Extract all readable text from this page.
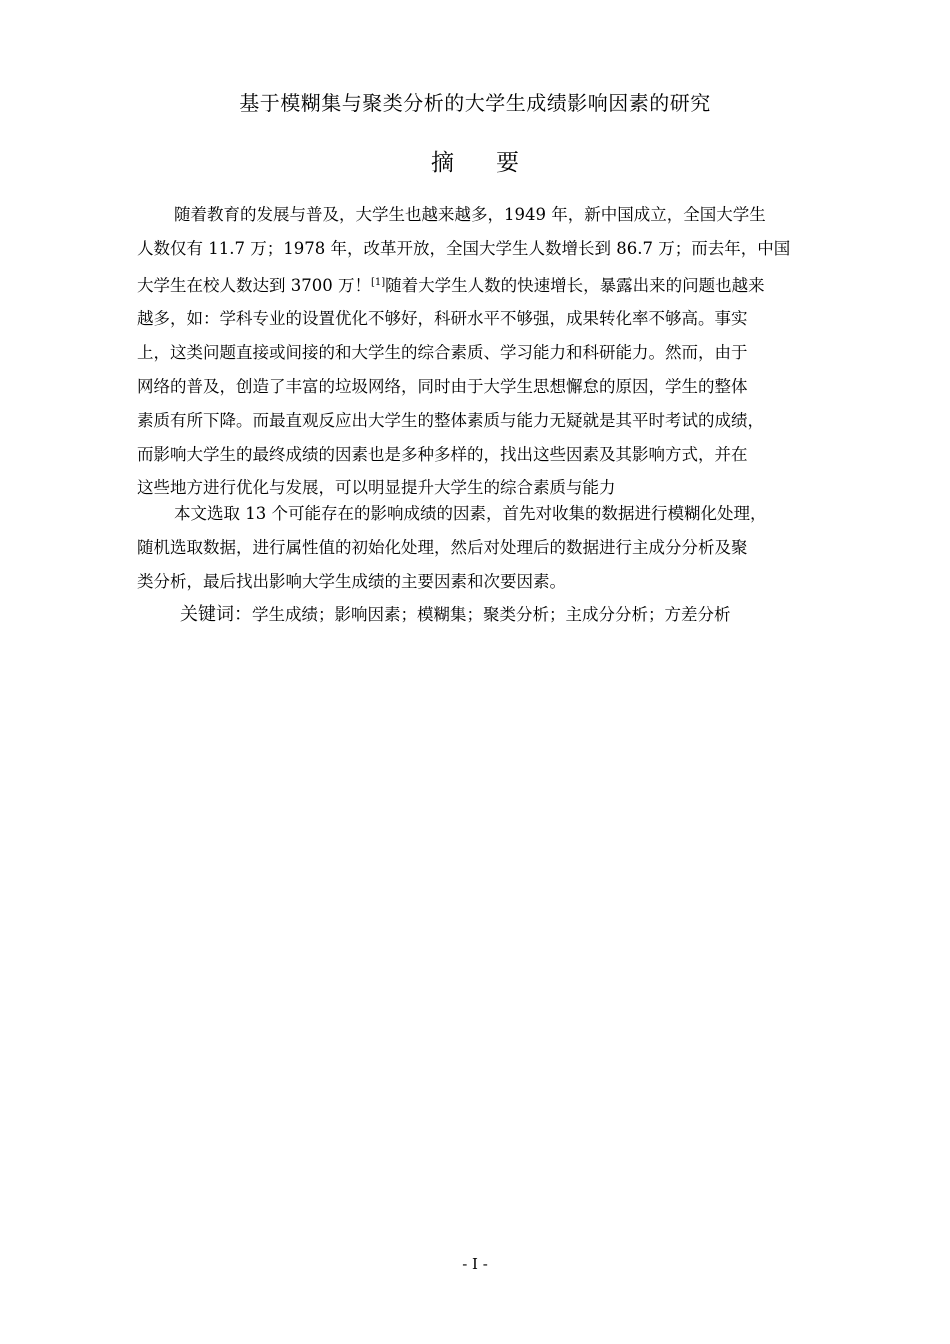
基于模糊集与聚类分析的大学生成绩影响因素的研究
摘 要
随着教育的发展与普及，大学生也越来越多，1949 年，新中国成立，全国大学生
人数仅有 11.7 万；1978 年，改革开放，全国大学生人数增长到 86.7 万；而去年，中国
大学生在校人数达到 3700 万！[1]随着大学生人数的快速增长，暴露出来的问题也越来
越多，如：学科专业的设置优化不够好，科研水平不够强，成果转化率不够高。事实
上，这类问题直接或间接的和大学生的综合素质、学习能力和科研能力。然而，由于
网络的普及，创造了丰富的垃圾网络，同时由于大学生思想懈怠的原因，学生的整体
素质有所下降。而最直观反应出大学生的整体素质与能力无疑就是其平时考试的成绩，
而影响大学生的最终成绩的因素也是多种多样的，找出这些因素及其影响方式，并在
这些地方进行优化与发展，可以明显提升大学生的综合素质与能力
本文选取 13 个可能存在的影响成绩的因素，首先对收集的数据进行模糊化处理，
随机选取数据，进行属性值的初始化处理，然后对处理后的数据进行主成分分析及聚
类分析，最后找出影响大学生成绩的主要因素和次要因素。
关键词：学生成绩；影响因素；模糊集；聚类分析；主成分分析；方差分析
- I -
